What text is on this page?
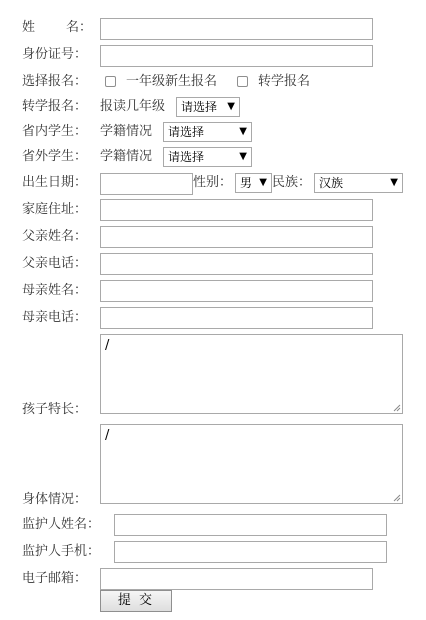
姓 名：
身份证号：
选择报名：	一年级新生报名	转学报名
转学报名： 报读几年级	请选择 ▼
省内学生： 学籍情况	请选择	▼
省外学生： 学籍情况	请选择	▼
出生日期：	性别： 男 ▼ 民族： 汉族	▼
家庭住址：
父亲姓名：
父亲电话：
母亲姓名：
母亲电话：
孩子特长：
/
身体情况：
/
监护人姓名：
监护人手机：
电子邮箱：
提 交
